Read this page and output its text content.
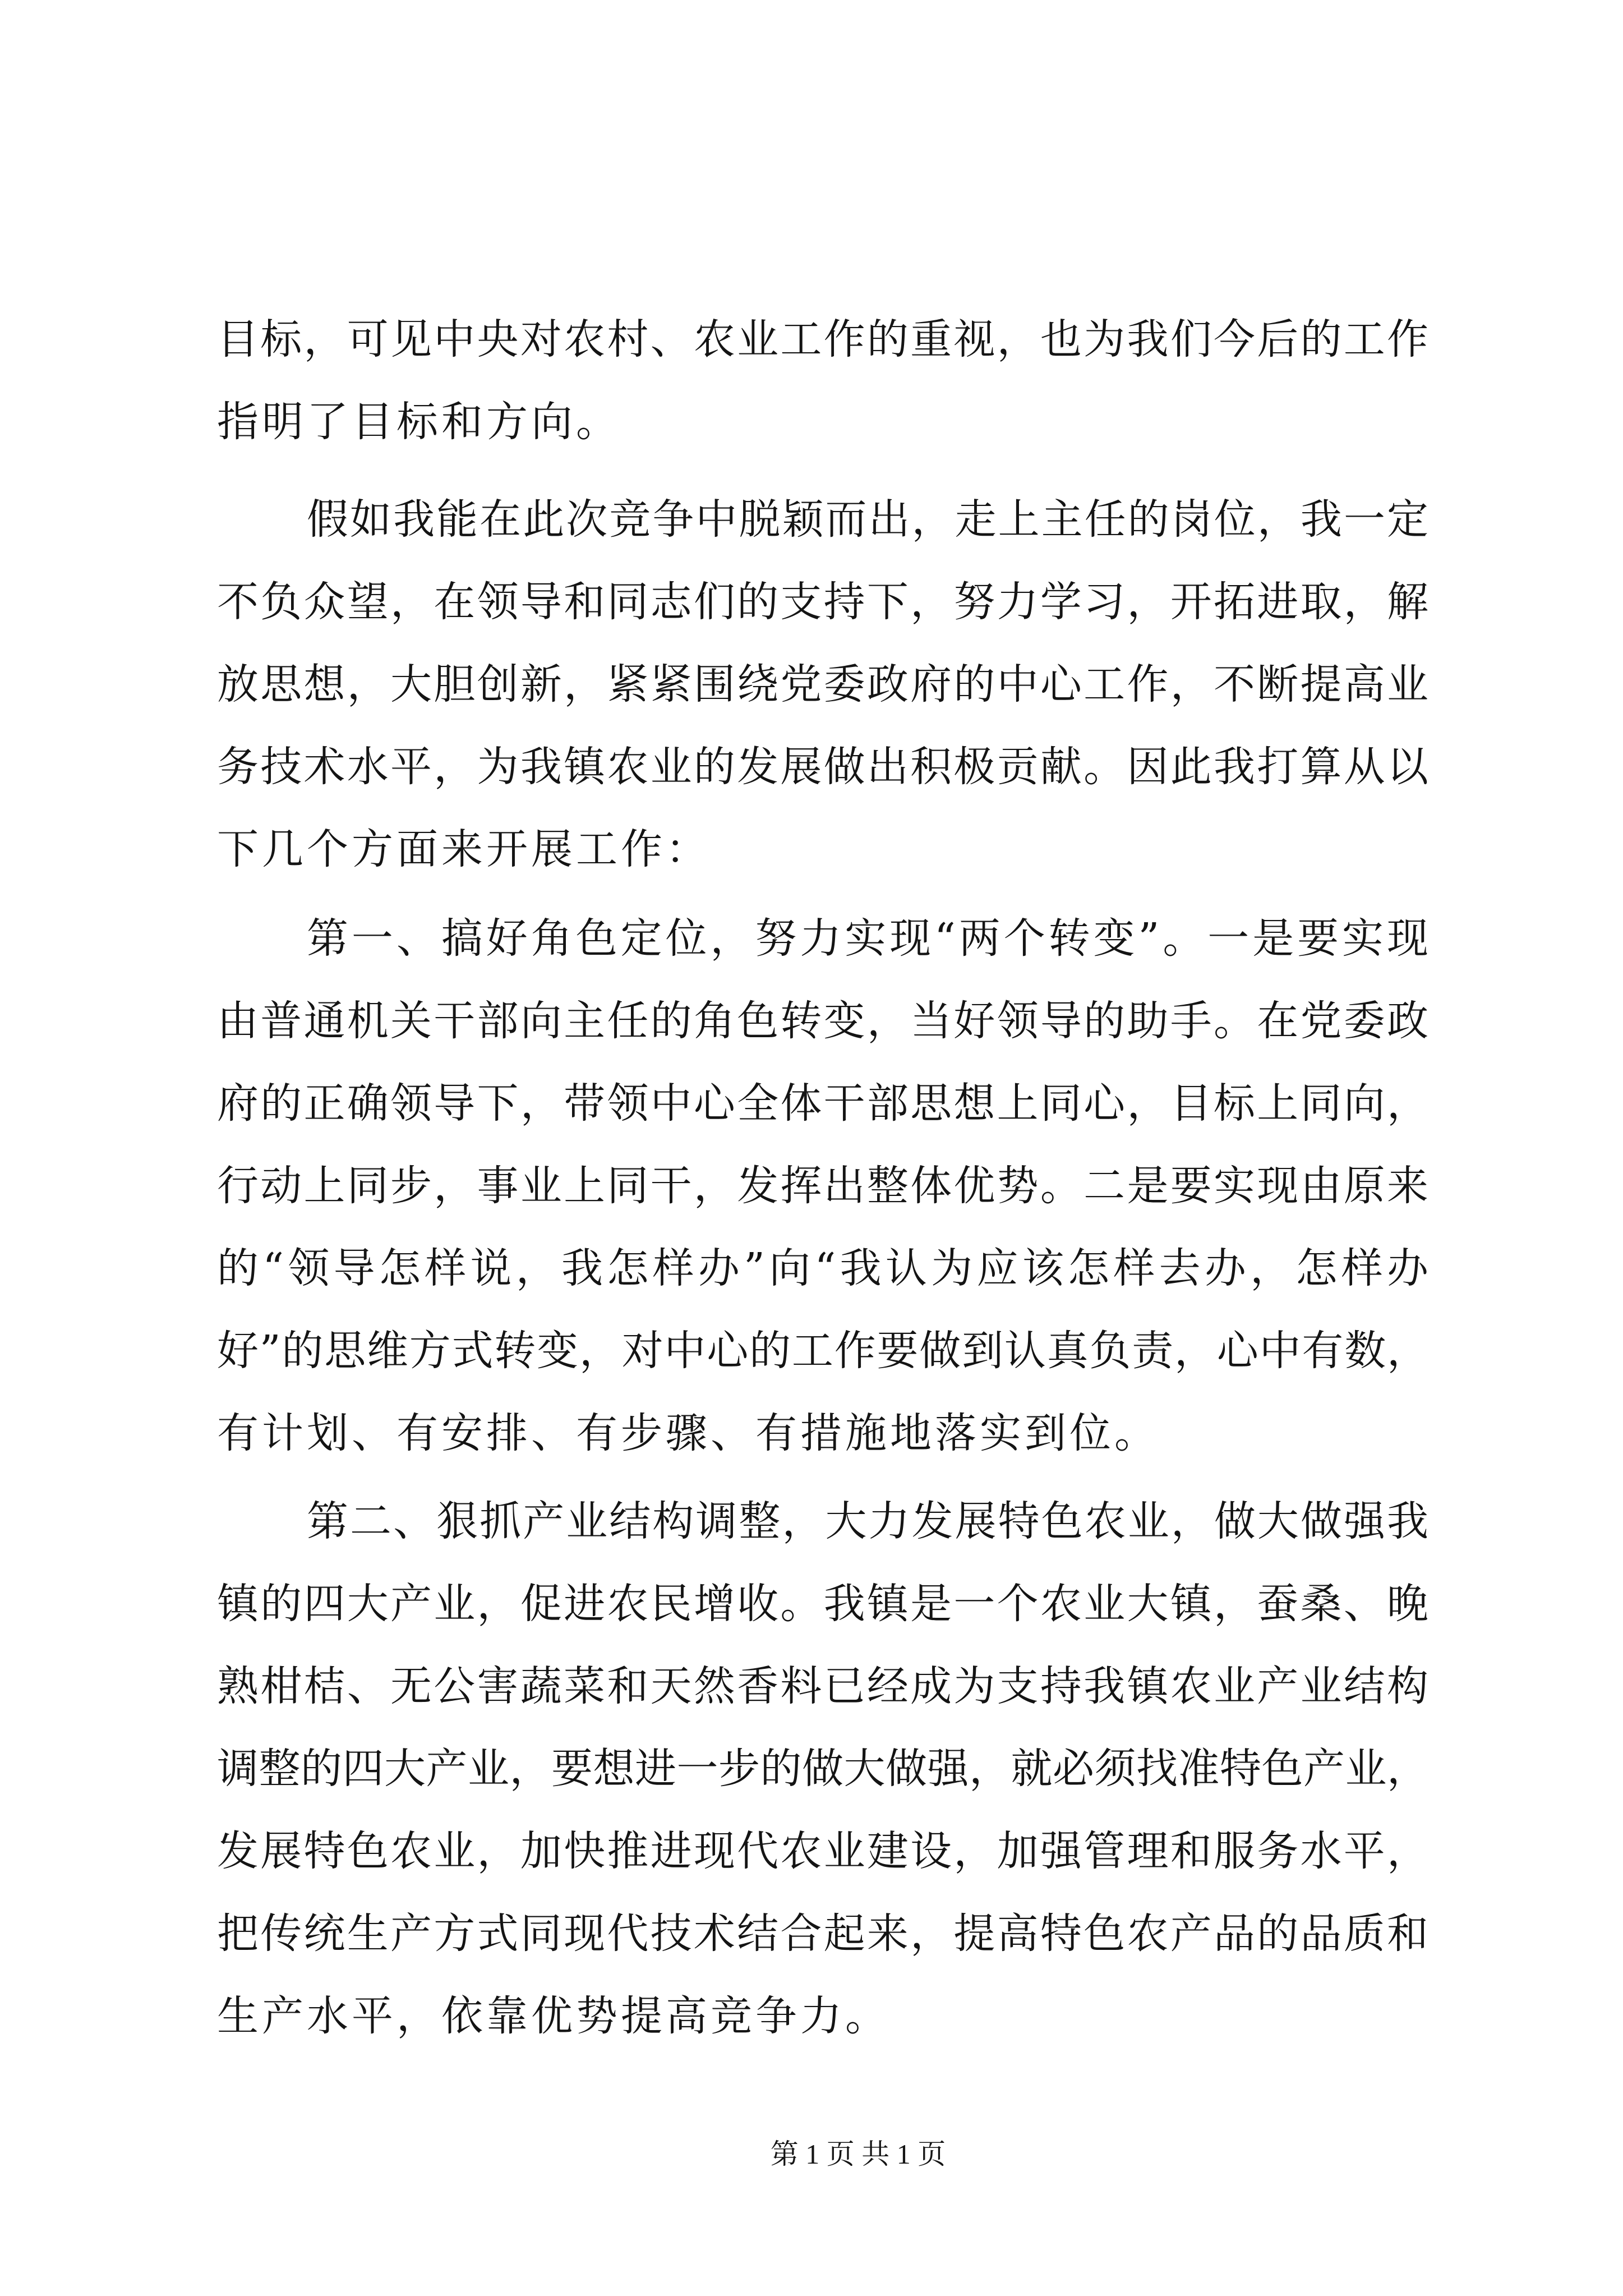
目标，可见中央对农村、农业工作的重视，也为我们今后的工作
指明了目标和方向。
假如我能在此次竞争中脱颖而出，走上主任的岗位，我一定
不负众望，在领导和同志们的支持下，努力学习，开拓进取，解
放思想，大胆创新，紧紧围绕党委政府的中心工作，不断提高业
务技术水平，为我镇农业的发展做出积极贡献。因此我打算从以
下几个方面来开展工作：
第一、搞好角色定位，努力实现“两个转变”。一是要实现
由普通机关干部向主任的角色转变，当好领导的助手。在党委政
府的正确领导下，带领中心全体干部思想上同心，目标上同向，
行动上同步，事业上同干，发挥出整体优势。二是要实现由原来
的“领导怎样说，我怎样办”向“我认为应该怎样去办，怎样办
好”的思维方式转变，对中心的工作要做到认真负责，心中有数，
有计划、有安排、有步骤、有措施地落实到位。
第二、狠抓产业结构调整，大力发展特色农业，做大做强我
镇的四大产业，促进农民增收。我镇是一个农业大镇，蚕桑、晚
熟柑桔、无公害蔬菜和天然香料已经成为支持我镇农业产业结构
调整的四大产业，要想进一步的做大做强，就必须找准特色产业，
发展特色农业，加快推进现代农业建设，加强管理和服务水平，
把传统生产方式同现代技术结合起来，提高特色农产品的品质和
生产水平，依靠优势提高竞争力。
第 1 页 共 1 页
